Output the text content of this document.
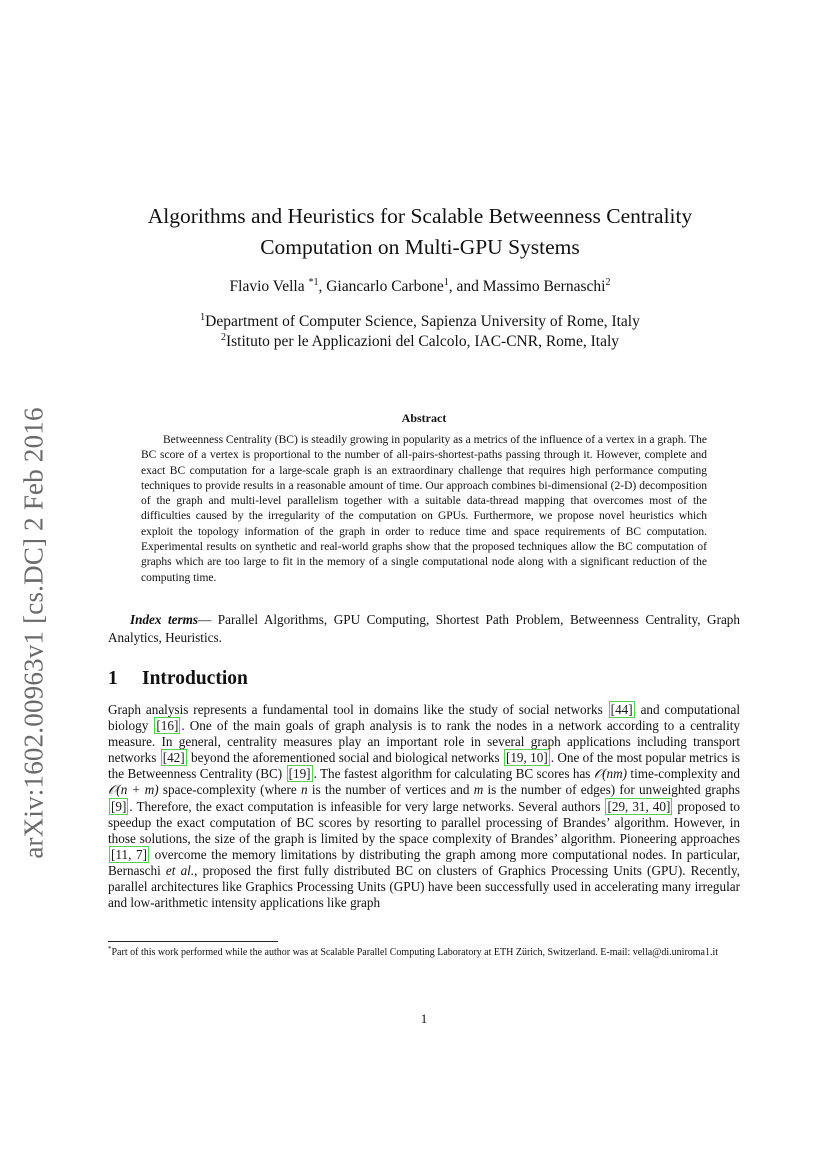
arXiv:1602.00963v1 [cs.DC] 2 Feb 2016
Algorithms and Heuristics for Scalable Betweenness Centrality
Computation on Multi-GPU Systems
Flavio Vella $^{*1}$, Giancarlo Carbone$^1$, and Massimo Bernaschi$^2$
$^1$Department of Computer Science, Sapienza University of Rome, Italy
$^2$Istituto per le Applicazioni del Calcolo, IAC-CNR, Rome, Italy
Abstract

Betweenness Centrality (BC) is steadily growing in popularity as a metrics of the influence of a vertex in a graph. The BC score of a vertex is proportional to the number of all-pairs-shortest-paths passing through it. However, complete and exact BC computation for a large-scale graph is an extraordinary challenge that requires high performance computing techniques to provide results in a reasonable amount of time. Our approach combines bi-dimensional (2-D) decomposition of the graph and multi-level parallelism together with a suitable data-thread mapping that overcomes most of the difficulties caused by the irregularity of the computation on GPUs. Furthermore, we propose novel heuristics which exploit the topology information of the graph in order to reduce time and space requirements of BC computation. Experimental results on synthetic and real-world graphs show that the proposed techniques allow the BC computation of graphs which are too large to fit in the memory of a single computational node along with a significant reduction of the computing time.

Index terms— Parallel Algorithms, GPU Computing, Shortest Path Problem, Betweenness Centrality, Graph Analytics, Heuristics.
1 Introduction

Graph analysis represents a fundamental tool in domains like the study of social networks [44] and computational biology [16] . One of the main goals of graph analysis is to rank the nodes in a network according to a centrality measure. In general, centrality measures play an important role in several graph applications including transport networks [42] beyond the aforementioned social and biological networks [19, 10] . One of the most popular metrics is the Betweenness Centrality (BC) [19] . The fastest algorithm for calculating BC scores has 𝒪(nm) time-complexity and 𝒪(n + m) space-complexity (where n is the number of vertices and m is the number of edges) for unweighted graphs [9] . Therefore, the exact computation is infeasible for very large networks. Several authors [29, 31, 40] proposed to speedup the exact computation of BC scores by resorting to parallel processing of Brandes’ algorithm. However, in those solutions, the size of the graph is limited by the space complexity of Brandes’ algorithm. Pioneering approaches [11, 7] overcome the memory limitations by distributing the graph among more computational nodes. In particular, Bernaschi et al., proposed the first fully distributed BC on clusters of Graphics Processing Units (GPU). Recently, parallel architectures like Graphics Processing Units (GPU) have been successfully used in accelerating many irregular and low-arithmetic intensity applications like graph

*Part of this work performed while the author was at Scalable Parallel Computing Laboratory at ETH Zürich, Switzerland. E-mail: vella@di.uniroma1.it
1
